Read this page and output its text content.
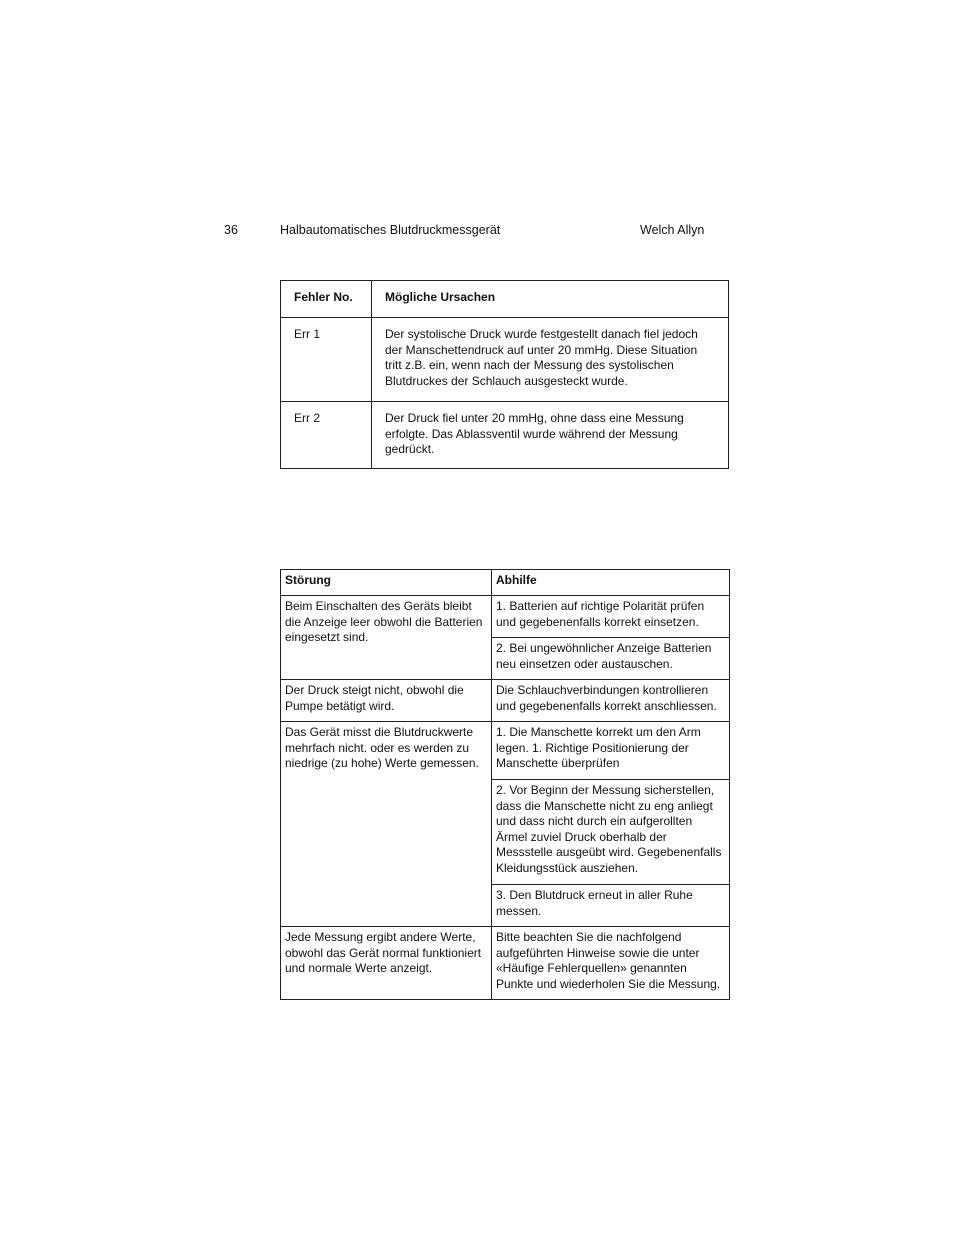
36	Halbautomatisches Blutdruckmessgerät	Welch Allyn
Fehler No.	Mögliche Ursachen
Err 1	Der systolische Druck wurde festgestellt danach fiel jedoch der Manschettendruck auf unter 20 mmHg. Diese Situation tritt z.B. ein, wenn nach der Messung des systolischen Blutdruckes der Schlauch ausgesteckt wurde.
Err 2	Der Druck fiel unter 20 mmHg, ohne dass eine Messung erfolgte. Das Ablassventil wurde während der Messung gedrückt.
Störung	Abhilfe
Beim Einschalten des Geräts bleibt die Anzeige leer obwohl die Batterien eingesetzt sind.	1. Batterien auf richtige Polarität prüfen und gegebenenfalls korrekt einsetzen.
	2. Bei ungewöhnlicher Anzeige Batterien neu einsetzen oder austauschen.
Der Druck steigt nicht, obwohl die Pumpe betätigt wird.	Die Schlauchverbindungen kontrollieren und gegebenenfalls korrekt anschliessen.
Das Gerät misst die Blutdruckwerte mehrfach nicht. oder es werden zu niedrige (zu hohe) Werte gemessen.	1. Die Manschette korrekt um den Arm legen. 1. Richtige Positionierung der Manschette überprüfen
	2. Vor Beginn der Messung sicherstellen, dass die Manschette nicht zu eng anliegt und dass nicht durch ein aufgerollten Ärmel zuviel Druck oberhalb der Messstelle ausgeübt wird. Gegebenenfalls Kleidungsstück ausziehen.
	3. Den Blutdruck erneut in aller Ruhe messen.
Jede Messung ergibt andere Werte, obwohl das Gerät normal funktioniert und normale Werte anzeigt.	Bitte beachten Sie die nachfolgend aufgeführten Hinweise sowie die unter «Häufige Fehlerquellen» genannten Punkte und wiederholen Sie die Messung.
